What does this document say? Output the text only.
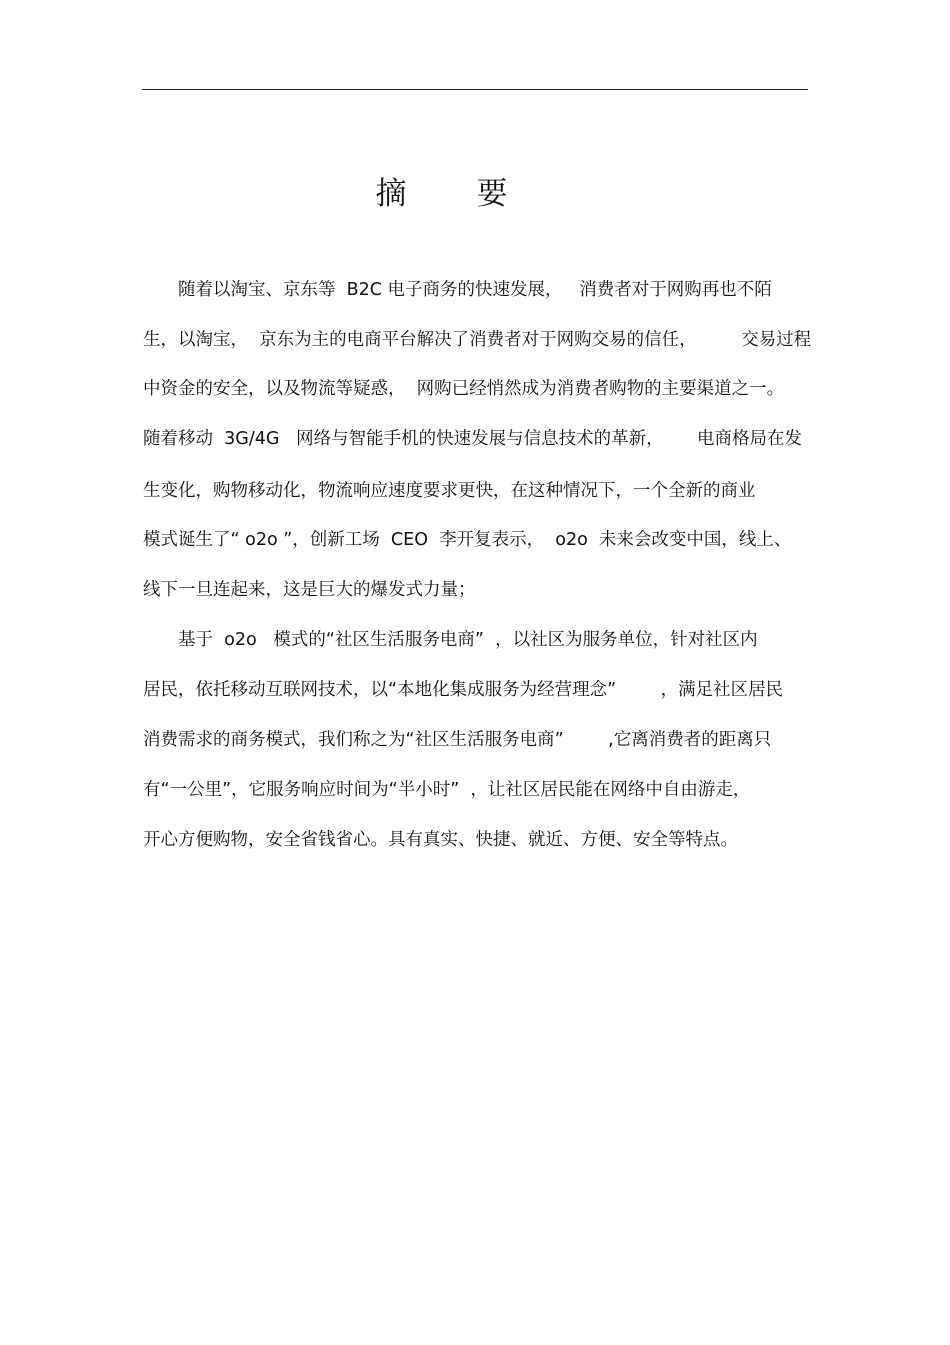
摘 要
　　随着以淘宝、京东等  B2C 电子商务的快速发展，   消费者对于网购再也不陌
生，以淘宝，  京东为主的电商平台解决了消费者对于网购交易的信任，        交易过程
中资金的安全，以及物流等疑惑，  网购已经悄然成为消费者购物的主要渠道之一。
随着移动  3G/4G   网络与智能手机的快速发展与信息技术的革新，      电商格局在发
生变化，购物移动化，物流响应速度要求更快，在这种情况下，一个全新的商业
模式诞生了“ o2o ”，创新工场  CEO  李开复表示，  o2o  未来会改变中国，线上、
线下一旦连起来，这是巨大的爆发式力量；
　　基于  o2o   模式的“社区生活服务电商”  ，以社区为服务单位，针对社区内
居民，依托移动互联网技术，以“本地化集成服务为经营理念”        ，满足社区居民
消费需求的商务模式，我们称之为“社区生活服务电商”        ,它离消费者的距离只
有“一公里”，它服务响应时间为“半小时”  ，让社区居民能在网络中自由游走，
开心方便购物，安全省钱省心。具有真实、快捷、就近、方便、安全等特点。
